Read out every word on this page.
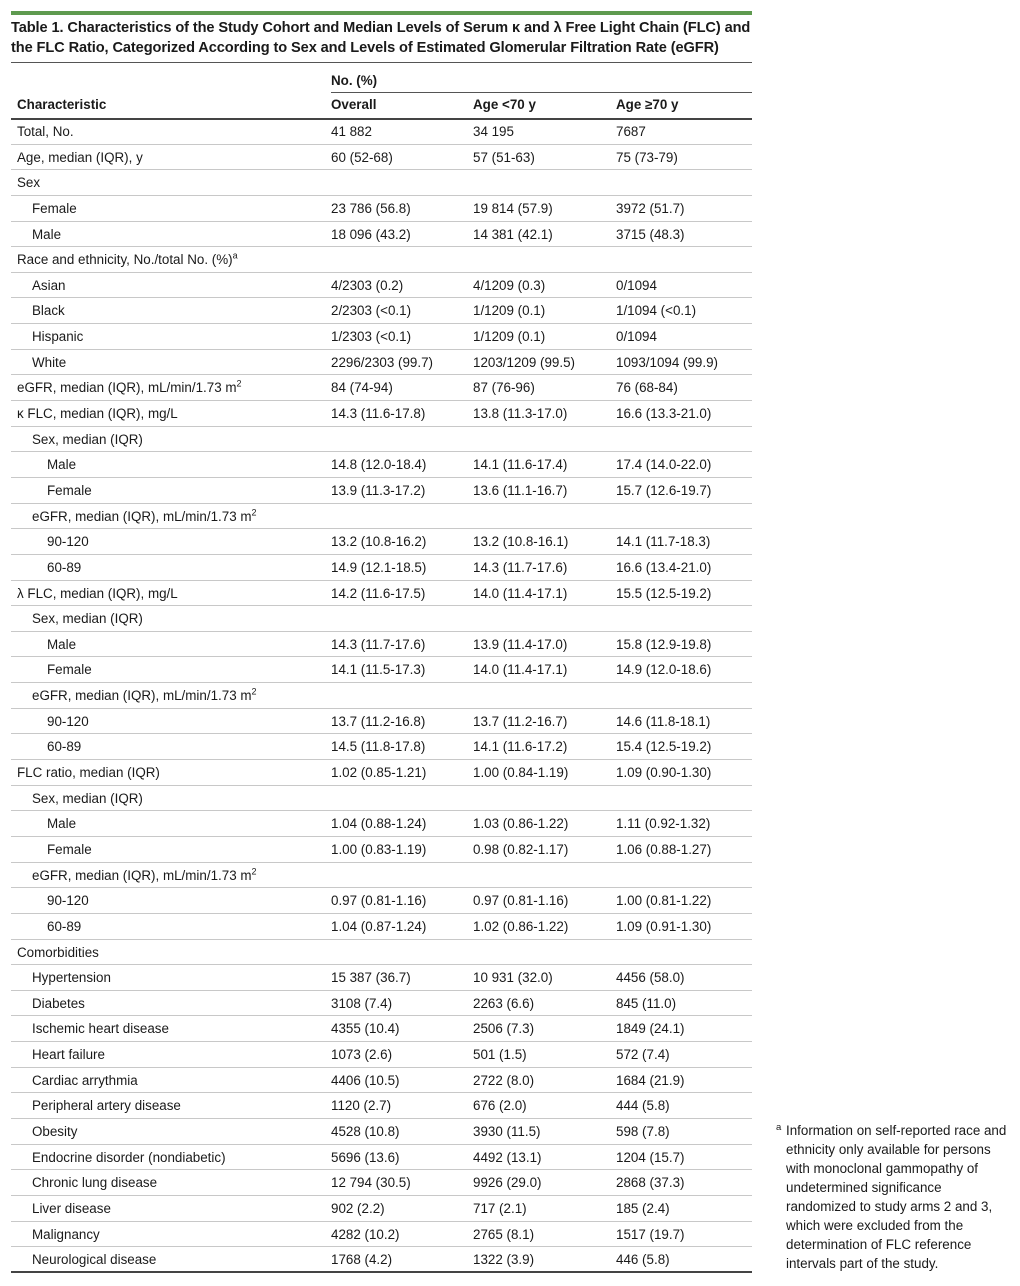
Table 1. Characteristics of the Study Cohort and Median Levels of Serum κ and λ Free Light Chain (FLC) and the FLC Ratio, Categorized According to Sex and Levels of Estimated Glomerular Filtration Rate (eGFR)
No. (%)
Characteristic	Overall	Age <70 y	Age ≥70 y
Total, No.	41 882	34 195	7687
Age, median (IQR), y	60 (52-68)	57 (51-63)	75 (73-79)
Sex
Female	23 786 (56.8)	19 814 (57.9)	3972 (51.7)
Male	18 096 (43.2)	14 381 (42.1)	3715 (48.3)
Race and ethnicity, No./total No. (%)$^a$
Asian	4/2303 (0.2)	4/1209 (0.3)	0/1094
Black	2/2303 (<0.1)	1/1209 (0.1)	1/1094 (<0.1)
Hispanic	1/2303 (<0.1)	1/1209 (0.1)	0/1094
White	2296/2303 (99.7)	1203/1209 (99.5)	1093/1094 (99.9)
eGFR, median (IQR), mL/min/1.73 $m^2$	84 (74-94)	87 (76-96)	76 (68-84)
κ FLC, median (IQR), mg/L	14.3 (11.6-17.8)	13.8 (11.3-17.0)	16.6 (13.3-21.0)
Sex, median (IQR)
Male	14.8 (12.0-18.4)	14.1 (11.6-17.4)	17.4 (14.0-22.0)
Female	13.9 (11.3-17.2)	13.6 (11.1-16.7)	15.7 (12.6-19.7)
eGFR, median (IQR), mL/min/1.73 $m^2$
90-120	13.2 (10.8-16.2)	13.2 (10.8-16.1)	14.1 (11.7-18.3)
60-89	14.9 (12.1-18.5)	14.3 (11.7-17.6)	16.6 (13.4-21.0)
λ FLC, median (IQR), mg/L	14.2 (11.6-17.5)	14.0 (11.4-17.1)	15.5 (12.5-19.2)
Sex, median (IQR)
Male	14.3 (11.7-17.6)	13.9 (11.4-17.0)	15.8 (12.9-19.8)
Female	14.1 (11.5-17.3)	14.0 (11.4-17.1)	14.9 (12.0-18.6)
eGFR, median (IQR), mL/min/1.73 $m^2$
90-120	13.7 (11.2-16.8)	13.7 (11.2-16.7)	14.6 (11.8-18.1)
60-89	14.5 (11.8-17.8)	14.1 (11.6-17.2)	15.4 (12.5-19.2)
FLC ratio, median (IQR)	1.02 (0.85-1.21)	1.00 (0.84-1.19)	1.09 (0.90-1.30)
Sex, median (IQR)
Male	1.04 (0.88-1.24)	1.03 (0.86-1.22)	1.11 (0.92-1.32)
Female	1.00 (0.83-1.19)	0.98 (0.82-1.17)	1.06 (0.88-1.27)
eGFR, median (IQR), mL/min/1.73 $m^2$
90-120	0.97 (0.81-1.16)	0.97 (0.81-1.16)	1.00 (0.81-1.22)
60-89	1.04 (0.87-1.24)	1.02 (0.86-1.22)	1.09 (0.91-1.30)
Comorbidities
Hypertension	15 387 (36.7)	10 931 (32.0)	4456 (58.0)
Diabetes	3108 (7.4)	2263 (6.6)	845 (11.0)
Ischemic heart disease	4355 (10.4)	2506 (7.3)	1849 (24.1)
Heart failure	1073 (2.6)	501 (1.5)	572 (7.4)
Cardiac arrythmia	4406 (10.5)	2722 (8.0)	1684 (21.9)
Peripheral artery disease	1120 (2.7)	676 (2.0)	444 (5.8)
Obesity	4528 (10.8)	3930 (11.5)	598 (7.8)
Endocrine disorder (nondiabetic)	5696 (13.6)	4492 (13.1)	1204 (15.7)
Chronic lung disease	12 794 (30.5)	9926 (29.0)	2868 (37.3)
Liver disease	902 (2.2)	717 (2.1)	185 (2.4)
Malignancy	4282 (10.2)	2765 (8.1)	1517 (19.7)
Neurological disease	1768 (4.2)	1322 (3.9)	446 (5.8)
a Information on self-reported race and ethnicity only available for persons with monoclonal gammopathy of undetermined significance randomized to study arms 2 and 3, which were excluded from the determination of FLC reference intervals part of the study.
